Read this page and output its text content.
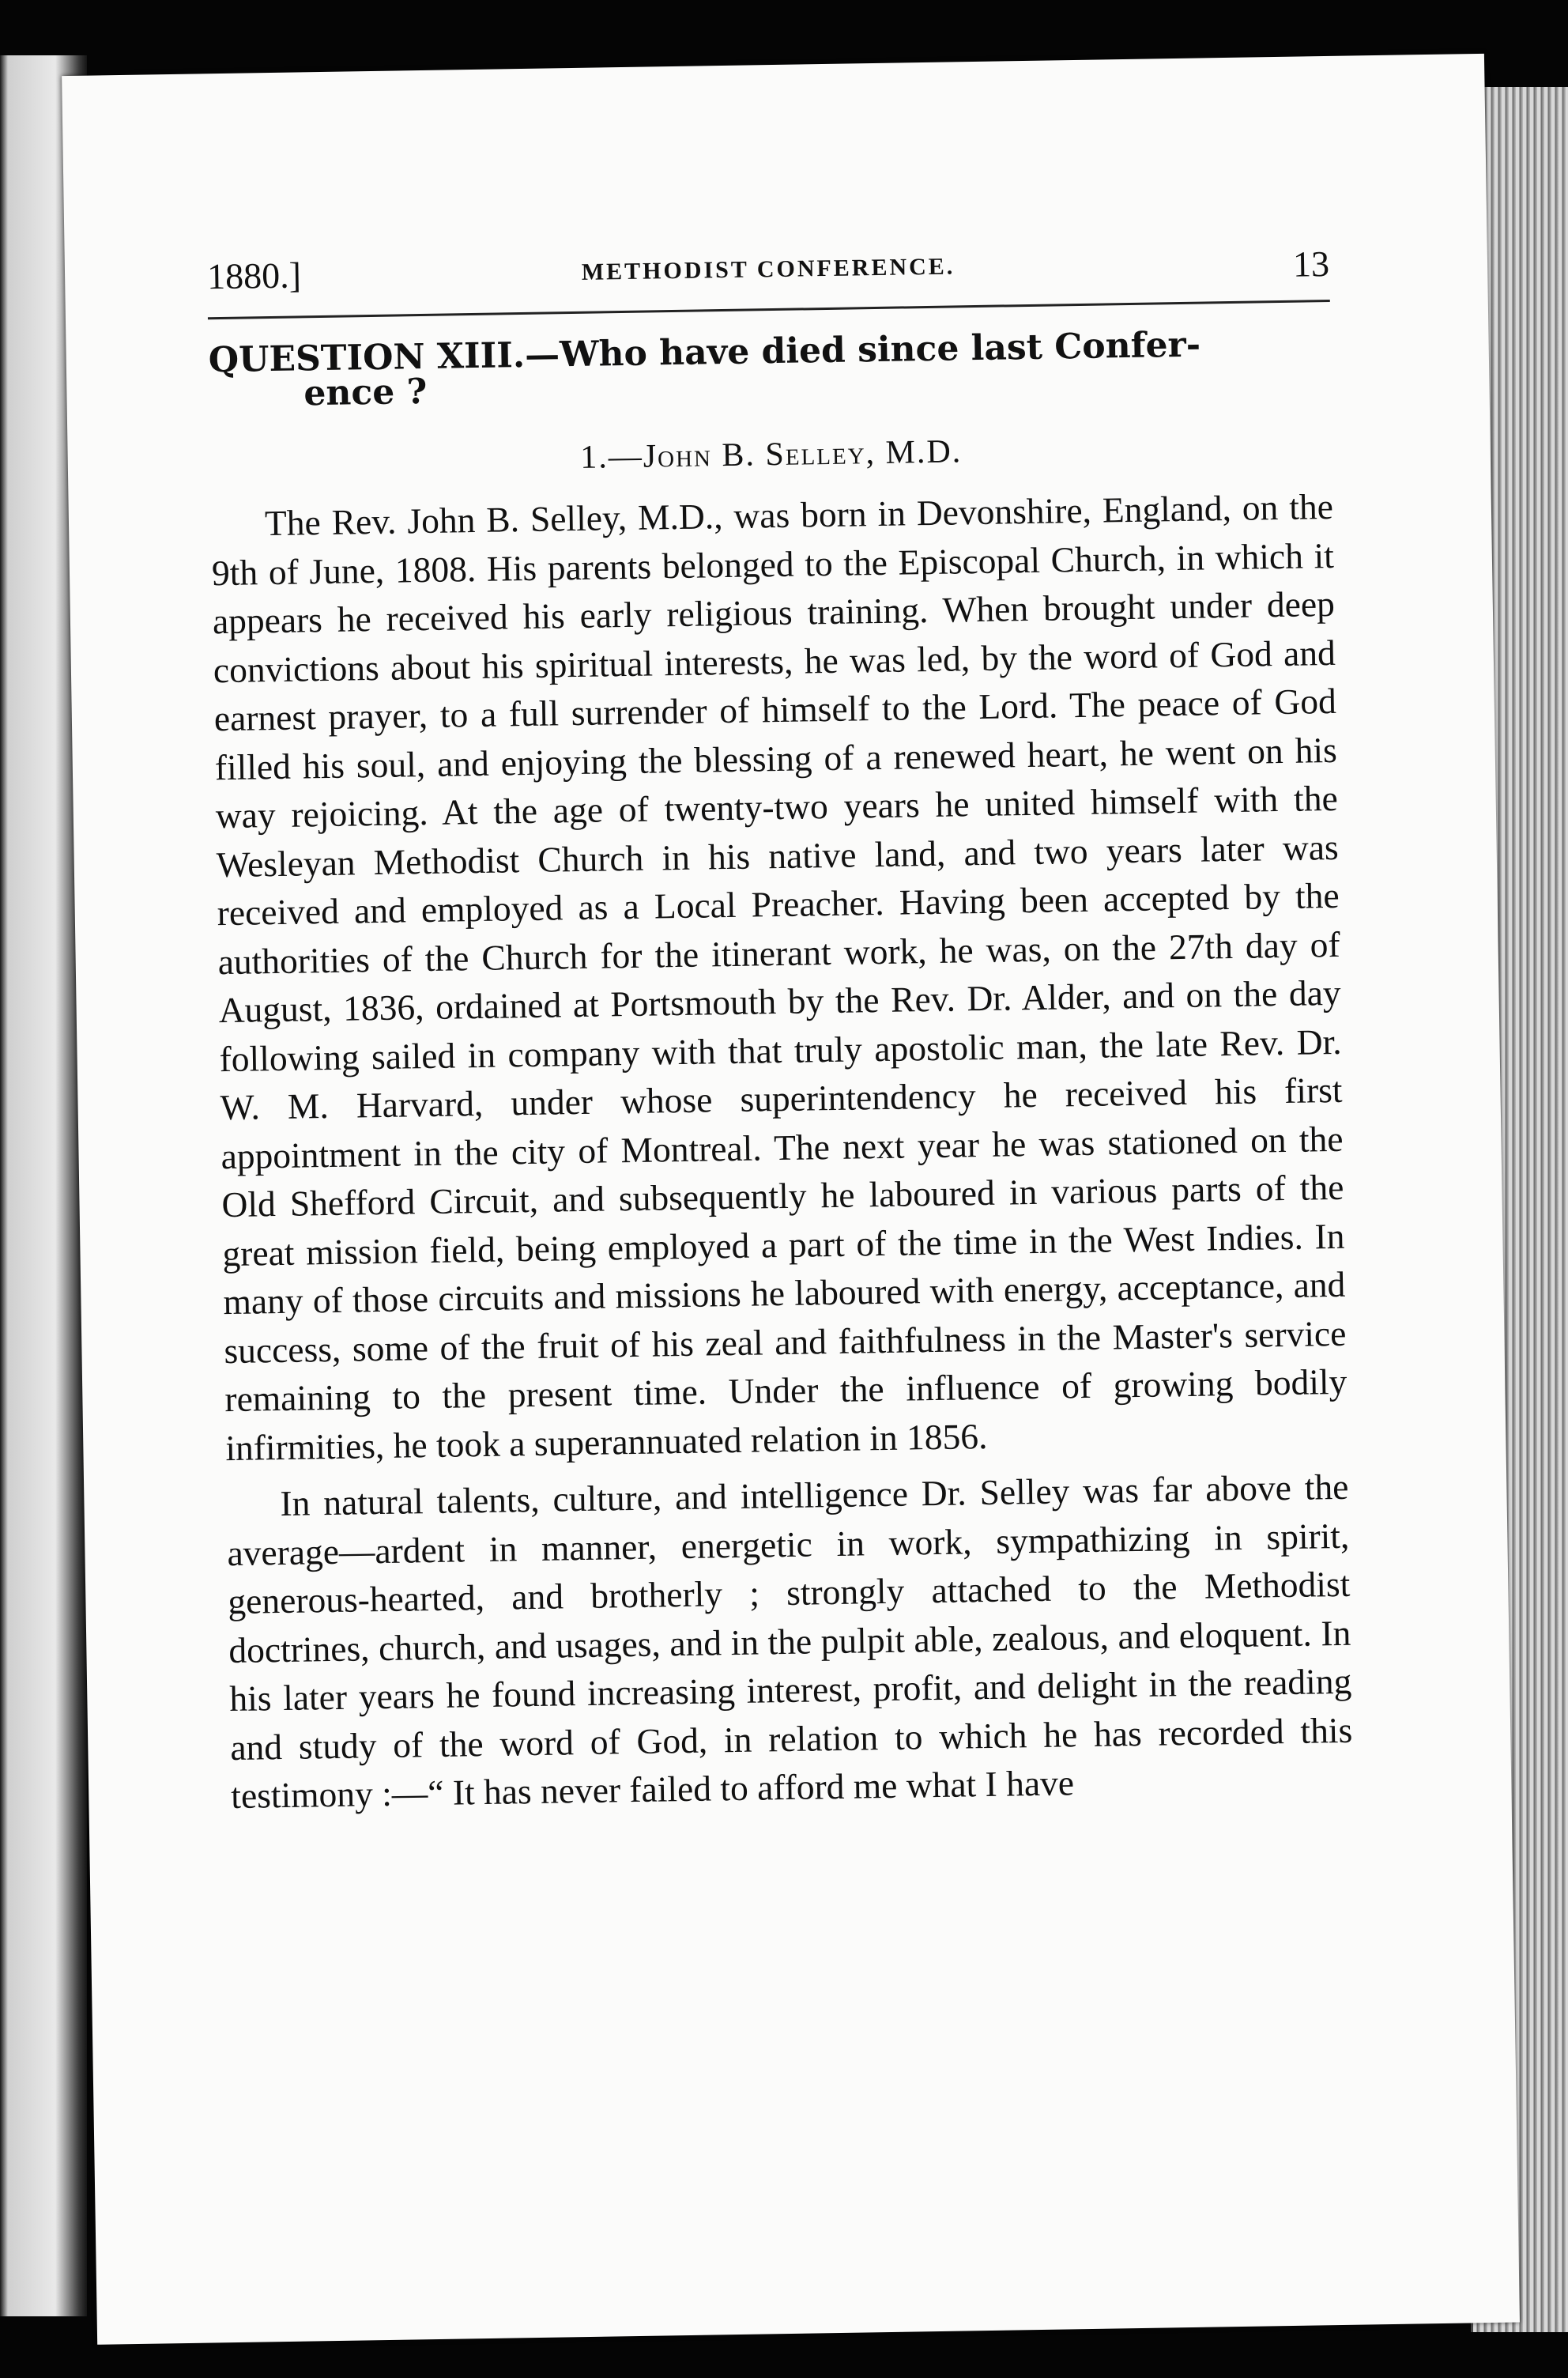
1880.]	METHODIST CONFERENCE.	13
QUESTION XIII.—Who have died since last Confer-
ence ?
1.—John B. Selley, M.D.

The Rev. John B. Selley, M.D., was born in Devonshire, England, on the 9th of June, 1808. His parents belonged to the Episcopal Church, in which it appears he received his early religious training. When brought under deep convictions about his spiritual interests, he was led, by the word of God and earnest prayer, to a full surrender of himself to the Lord. The peace of God filled his soul, and enjoying the blessing of a renewed heart, he went on his way rejoicing. At the age of twenty-two years he united himself with the Wesleyan Methodist Church in his native land, and two years later was received and employed as a Local Preacher. Having been accepted by the authorities of the Church for the itinerant work, he was, on the 27th day of August, 1836, ordained at Portsmouth by the Rev. Dr. Alder, and on the day following sailed in company with that truly apostolic man, the late Rev. Dr. W. M. Harvard, under whose superintendency he received his first appointment in the city of Montreal. The next year he was stationed on the Old Shefford Circuit, and subsequently he laboured in various parts of the great mission field, being employed a part of the time in the West Indies. In many of those circuits and missions he laboured with energy, acceptance, and success, some of the fruit of his zeal and faithfulness in the Master's service remaining to the present time. Under the influence of growing bodily infirmities, he took a superannuated relation in 1856.

In natural talents, culture, and intelligence Dr. Selley was far above the average—ardent in manner, energetic in work, sympathizing in spirit, generous-hearted, and brotherly ; strongly attached to the Methodist doctrines, church, and usages, and in the pulpit able, zealous, and eloquent. In his later years he found increasing interest, profit, and delight in the reading and study of the word of God, in relation to which he has recorded this testimony :—“ It has never failed to afford me what I have
